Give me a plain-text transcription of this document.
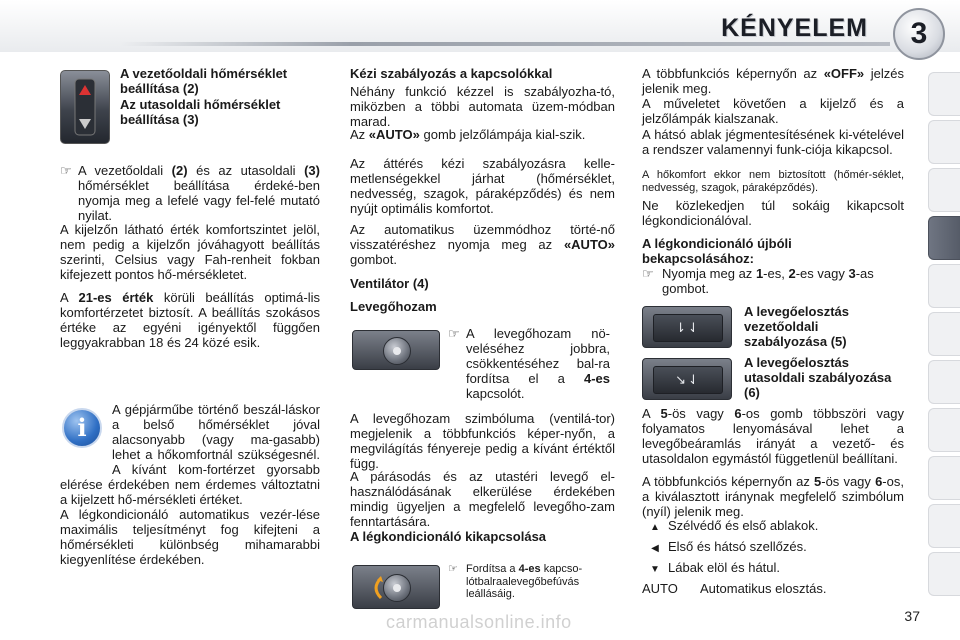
KÉNYELEM 3
A vezetőoldali hőmérséklet beállítása (2)
Az utasoldali hőmérséklet beállítása (3)
☞ A vezetőoldali (2) és az utasoldali (3) hőmérséklet beállítása érdeké-ben nyomja meg a lefelé vagy fel-felé mutató nyilat.
A kijelzőn látható érték komfortszintet jelöl, nem pedig a kijelzőn jóváhagyott beállítás szerinti, Celsius vagy Fah-renheit fokban kifejezett pontos hő-mérsékletet.
A 21-es érték körüli beállítás optimá-lis komfortérzetet biztosít. A beállítás szokásos értéke az egyéni igényektől függően leggyakrabban 18 és 24 közé esik.
i
A gépjárműbe történő beszál-láskor a belső hőmérséklet jóval alacsonyabb (vagy ma-gasabb) lehet a hőkomfortnál szükségesnél. A kívánt kom-fortérzet gyorsabb elérése érdekében nem érdemes változtatni a kijelzett hő-mérsékleti értéket.
A légkondicionáló automatikus vezér-lése maximális teljesítményt fog kifejteni a hőmérsékleti különbség mihamarabbi kiegyenlítése érdekében.
Kézi szabályozás a kapcsolókkal
Néhány funkció kézzel is szabályozha-tó, miközben a többi automata üzem-módban marad.
Az «AUTO» gomb jelzőlámpája kial-szik.
Az áttérés kézi szabályozásra kelle-metlenségekkel járhat (hőmérséklet, nedvesség, szagok, páraképződés) és nem nyújt optimális komfortot.
Az automatikus üzemmódhoz törté-nő visszatéréshez nyomja meg az «AUTO» gombot.
Ventilátor (4)
Levegőhozam
☞ A levegőhozam nö-veléséhez jobbra, csökkentéséhez bal-ra fordítsa el a 4-es kapcsolót.
A levegőhozam szimbóluma (ventilá-tor) megjelenik a többfunkciós képer-nyőn, a megvilágítás fényereje pedig a kívánt értéktől függ.
A párásodás és az utastéri levegő el-használódásának elkerülése érdekében mindig ügyeljen a megfelelő levegőho-zam fenntartására.
A légkondicionáló kikapcsolása
☞ Fordítsa a 4-es kapcso-lótbalraalevegőbefúvás leállásáig.
A többfunkciós képernyőn az «OFF» jelzés jelenik meg.
A műveletet követően a kijelző és a jelzőlámpák kialszanak.
A hátsó ablak jégmentesítésének ki-vételével a rendszer valamennyi funk-ciója kikapcsol.
A hőkomfort ekkor nem biztosított (hőmér-séklet, nedvesség, szagok, páraképződés).
Ne közlekedjen túl sokáig kikapcsolt légkondicionálóval.
A légkondicionáló újbóli bekapcsolásához:
☞ Nyomja meg az 1-es, 2-es vagy 3-as gombot.
⇂⇃
A levegőelosztás vezetőoldali szabályozása (5)
↘⇃
A levegőelosztás utasoldali szabályozása (6)
A 5-ös vagy 6-os gomb többszöri vagy folyamatos lenyomásával lehet a levegőbeáramlás irányát a vezető- és utasoldalon egymástól függetlenül beállítani.
A többfunkciós képernyőn az 5-ös vagy 6-os, a kiválasztott iránynak megfelelő szimbólum (nyíl) jelenik meg.
▲ Szélvédő és első ablakok.
◀ Első és hátsó szellőzés.
▼ Lábak elöl és hátul.
AUTO Automatikus elosztás.
carmanualsonline.info	37
